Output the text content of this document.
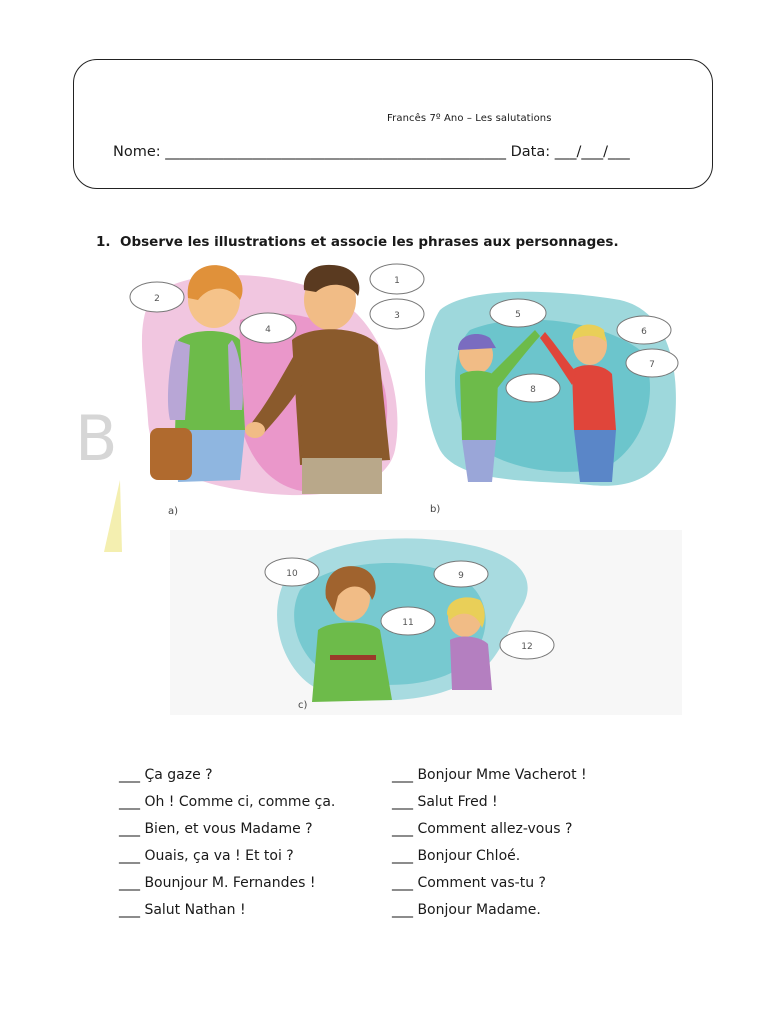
Francês 7º Ano – Les salutations
Nome: _______________________________________________ Data: ___/___/___
1. Observe les illustrations et associe les phrases aux personnages.
B
2
1
3
4
a)
5
6
7
8
b)
10	9
11
12
c)
___ Ça gaze ?
___ Oh ! Comme ci, comme ça.
___ Bien, et vous Madame ?
___ Ouais, ça va ! Et toi ?
___ Bounjour M. Fernandes !
___ Salut Nathan !
___ Bonjour Mme Vacherot !
___ Salut Fred !
___ Comment allez-vous ?
___ Bonjour Chloé.
___ Comment vas-tu ?
___ Bonjour Madame.
